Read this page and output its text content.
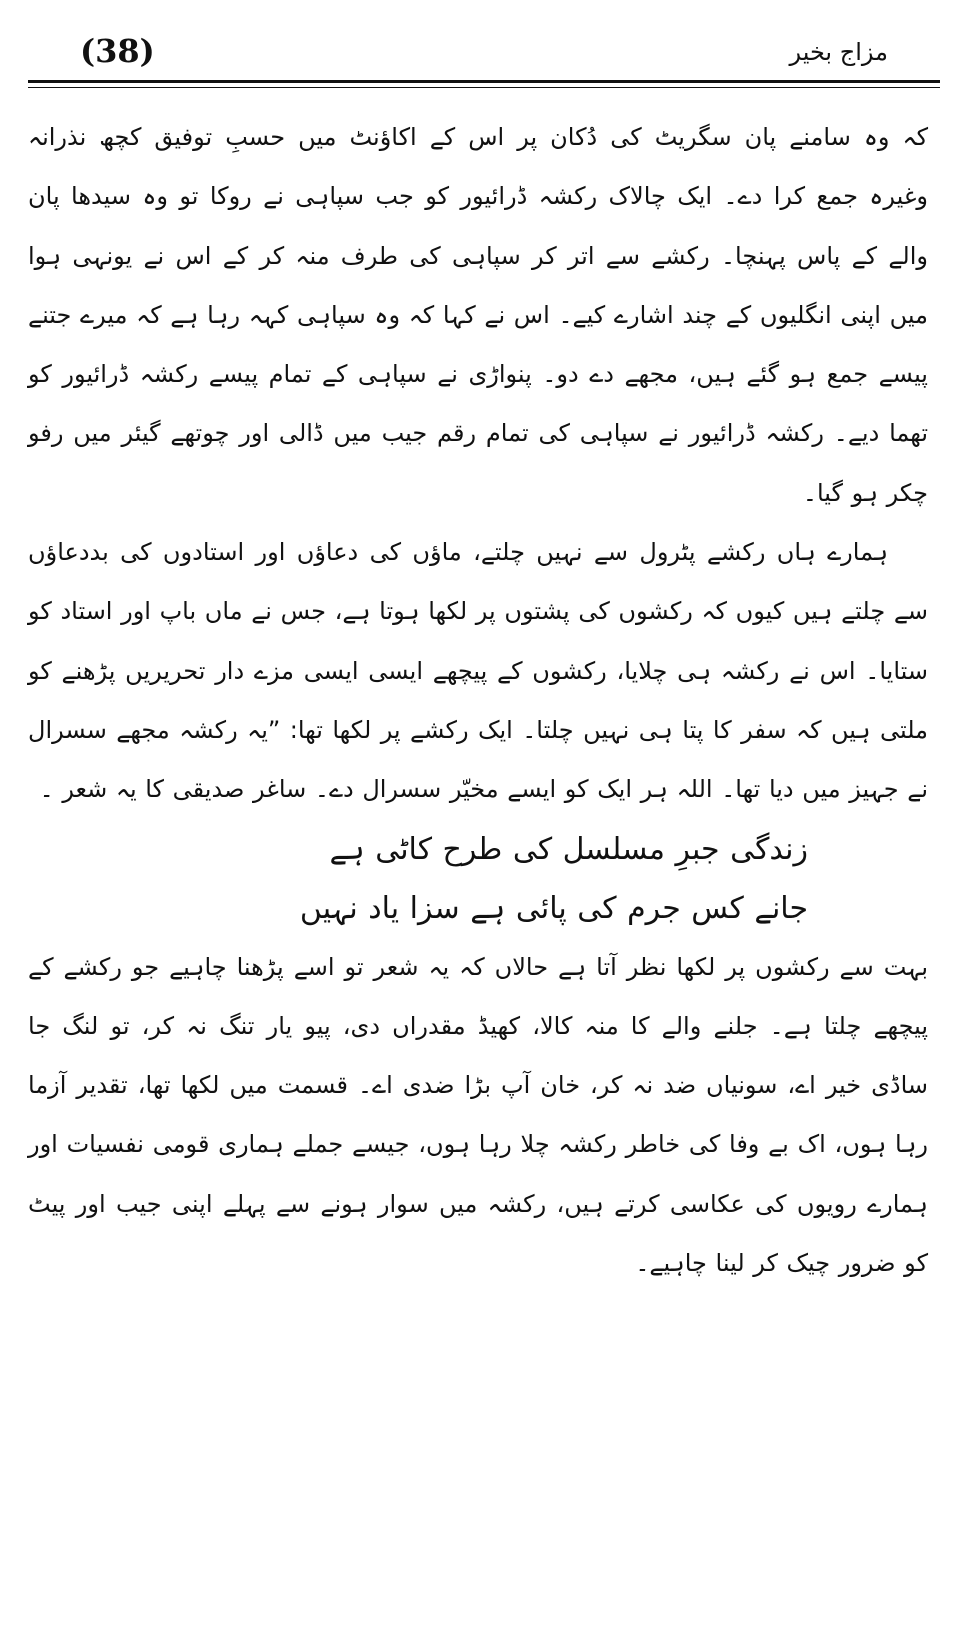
(38)	مزاج بخیر

کہ وہ سامنے پان سگریٹ کی دُکان پر اس کے اکاؤنٹ میں حسبِ توفیق کچھ نذرانہ وغیرہ جمع کرا دے۔ ایک چالاک رکشہ ڈرائیور کو جب سپاہی نے روکا تو وہ سیدھا پان والے کے پاس پہنچا۔ رکشے سے اتر کر سپاہی کی طرف منہ کر کے اس نے یونہی ہوا میں اپنی انگلیوں کے چند اشارے کیے۔ اس نے کہا کہ وہ سپاہی کہہ رہا ہے کہ میرے جتنے پیسے جمع ہو گئے ہیں، مجھے دے دو۔ پنواڑی نے سپاہی کے تمام پیسے رکشہ ڈرائیور کو تھما دیے۔ رکشہ ڈرائیور نے سپاہی کی تمام رقم جیب میں ڈالی اور چوتھے گیئر میں رفو چکر ہو گیا۔

ہمارے ہاں رکشے پٹرول سے نہیں چلتے، ماؤں کی دعاؤں اور استادوں کی بددعاؤں سے چلتے ہیں کیوں کہ رکشوں کی پشتوں پر لکھا ہوتا ہے، جس نے ماں باپ اور استاد کو ستایا۔ اس نے رکشہ ہی چلایا، رکشوں کے پیچھے ایسی ایسی مزے دار تحریریں پڑھنے کو ملتی ہیں کہ سفر کا پتا ہی نہیں چلتا۔ ایک رکشے پر لکھا تھا: ”یہ رکشہ مجھے سسرال نے جہیز میں دیا تھا۔ اللہ ہر ایک کو ایسے مخیّر سسرال دے۔ ساغر صدیقی کا یہ شعر ۔

زندگی جبرِ مسلسل کی طرح کاٹی ہے
جانے کس جرم کی پائی ہے سزا یاد نہیں

بہت سے رکشوں پر لکھا نظر آتا ہے حالاں کہ یہ شعر تو اسے پڑھنا چاہیے جو رکشے کے پیچھے چلتا ہے۔ جلنے والے کا منہ کالا، کھیڈ مقدراں دی، پیو یار تنگ نہ کر، تو لنگ جا ساڈی خیر اے، سونیاں ضد نہ کر، خان آپ بڑا ضدی اے۔ قسمت میں لکھا تھا، تقدیر آزما رہا ہوں، اک بے وفا کی خاطر رکشہ چلا رہا ہوں، جیسے جملے ہماری قومی نفسیات اور ہمارے رویوں کی عکاسی کرتے ہیں، رکشہ میں سوار ہونے سے پہلے اپنی جیب اور پیٹ کو ضرور چیک کر لینا چاہیے۔
